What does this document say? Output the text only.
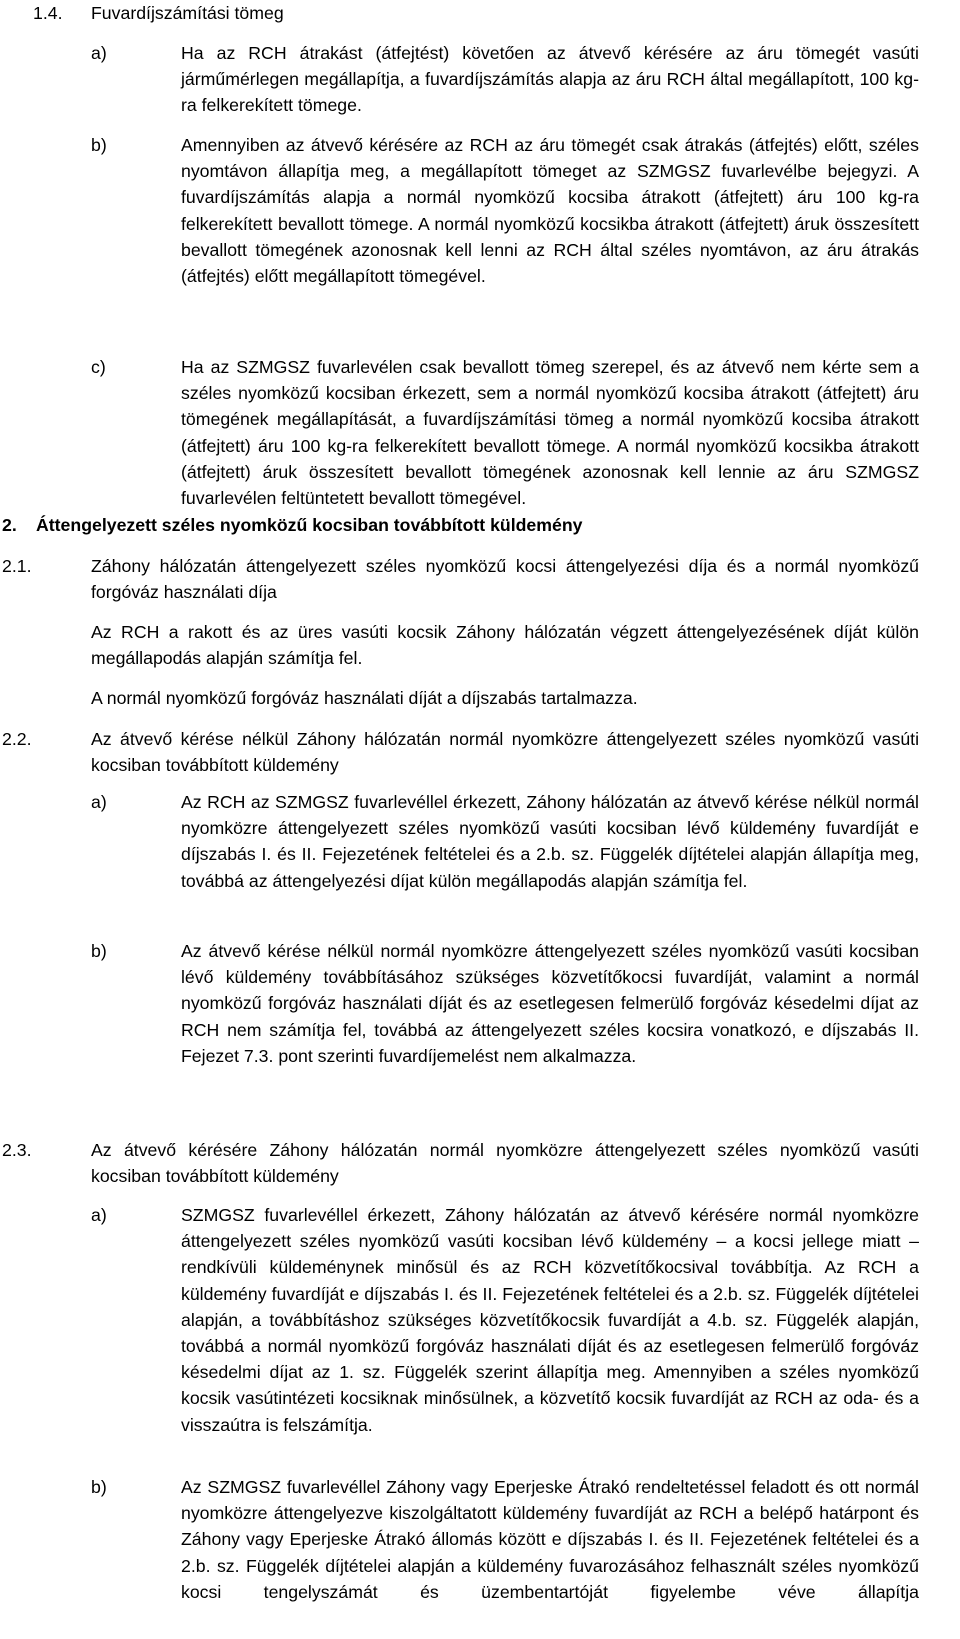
1.4. Fuvardíjszámítási tömeg
a)	Ha az RCH átrakást (átfejtést) követően az átvevő kérésére az áru tömegét vasúti járműmérlegen megállapítja, a fuvardíjszámítás alapja az áru RCH által megállapított, 100 kg-ra felkerekített tömege.
b)	Amennyiben az átvevő kérésére az RCH az áru tömegét csak átrakás (átfejtés) előtt, széles nyomtávon állapítja meg, a megállapított tömeget az SZMGSZ fuvarlevélbe bejegyzi. A fuvardíjszámítás alapja a normál nyomközű kocsiba átrakott (átfejtett) áru 100 kg-ra felkerekített bevallott tömege. A normál nyomközű kocsikba átrakott (átfejtett) áruk összesített bevallott tömegének azonosnak kell lenni az RCH által széles nyomtávon, az áru átrakás (átfejtés) előtt megállapított tömegével.
c)	Ha az SZMGSZ fuvarlevélen csak bevallott tömeg szerepel, és az átvevő nem kérte sem a széles nyomközű kocsiban érkezett, sem a normál nyomközű kocsiba átrakott (átfejtett) áru tömegének megállapítását, a fuvardíjszámítási tömeg a normál nyomközű kocsiba átrakott (átfejtett) áru 100 kg-ra felkerekített bevallott tömege. A normál nyomközű kocsikba átrakott (átfejtett) áruk összesített bevallott tömegének azonosnak kell lennie az áru SZMGSZ fuvarlevélen feltüntetett bevallott tömegével.
2. Áttengelyezett széles nyomközű kocsiban továbbított küldemény
2.1.	Záhony hálózatán áttengelyezett széles nyomközű kocsi áttengelyezési díja és a normál nyomközű forgóváz használati díja
Az RCH a rakott és az üres vasúti kocsik Záhony hálózatán végzett áttengelyezésének díját külön megállapodás alapján számítja fel.
A normál nyomközű forgóváz használati díját a díjszabás tartalmazza.
2.2.	Az átvevő kérése nélkül Záhony hálózatán normál nyomközre áttengelyezett széles nyomközű vasúti kocsiban továbbított küldemény
a)	Az RCH az SZMGSZ fuvarlevéllel érkezett, Záhony hálózatán az átvevő kérése nélkül normál nyomközre áttengelyezett széles nyomközű vasúti kocsiban lévő küldemény fuvardíját e díjszabás I. és II. Fejezetének feltételei és a 2.b. sz. Függelék díjtételei alapján állapítja meg, továbbá az áttengelyezési díjat külön megállapodás alapján számítja fel.
b)	Az átvevő kérése nélkül normál nyomközre áttengelyezett széles nyomközű vasúti kocsiban lévő küldemény továbbításához szükséges közvetítőkocsi fuvardíját, valamint a normál nyomközű forgóváz használati díját és az esetlegesen felmerülő forgóváz késedelmi díjat az RCH nem számítja fel, továbbá az áttengelyezett széles kocsira vonatkozó, e díjszabás II. Fejezet 7.3. pont szerinti fuvardíjemelést nem alkalmazza.
2.3.	Az átvevő kérésére Záhony hálózatán normál nyomközre áttengelyezett széles nyomközű vasúti kocsiban továbbított küldemény
a)	SZMGSZ fuvarlevéllel érkezett, Záhony hálózatán az átvevő kérésére normál nyomközre áttengelyezett széles nyomközű vasúti kocsiban lévő küldemény – a kocsi jellege miatt – rendkívüli küldeménynek minősül és az RCH közvetítőkocsival továbbítja. Az RCH a küldemény fuvardíját e díjszabás I. és II. Fejezetének feltételei és a 2.b. sz. Függelék díjtételei alapján, a továbbításhoz szükséges közvetítőkocsik fuvardíját a 4.b. sz. Függelék alapján, továbbá a normál nyomközű forgóváz használati díját és az esetlegesen felmerülő forgóváz késedelmi díjat az 1. sz. Függelék szerint állapítja meg. Amennyiben a széles nyomközű kocsik vasútintézeti kocsiknak minősülnek, a közvetítő kocsik fuvardíját az RCH az oda- és a visszaútra is felszámítja.
b)	Az SZMGSZ fuvarlevéllel Záhony vagy Eperjeske Átrakó rendeltetéssel feladott és ott normál nyomközre áttengelyezve kiszolgáltatott küldemény fuvardíját az RCH a belépő határpont és Záhony vagy Eperjeske Átrakó állomás között e díjszabás I. és II. Fejezetének feltételei és a 2.b. sz. Függelék díjtételei alapján a küldemény fuvarozásához felhasznált széles nyomközű kocsi tengelyszámát és üzembentartóját figyelembe véve állapítja
